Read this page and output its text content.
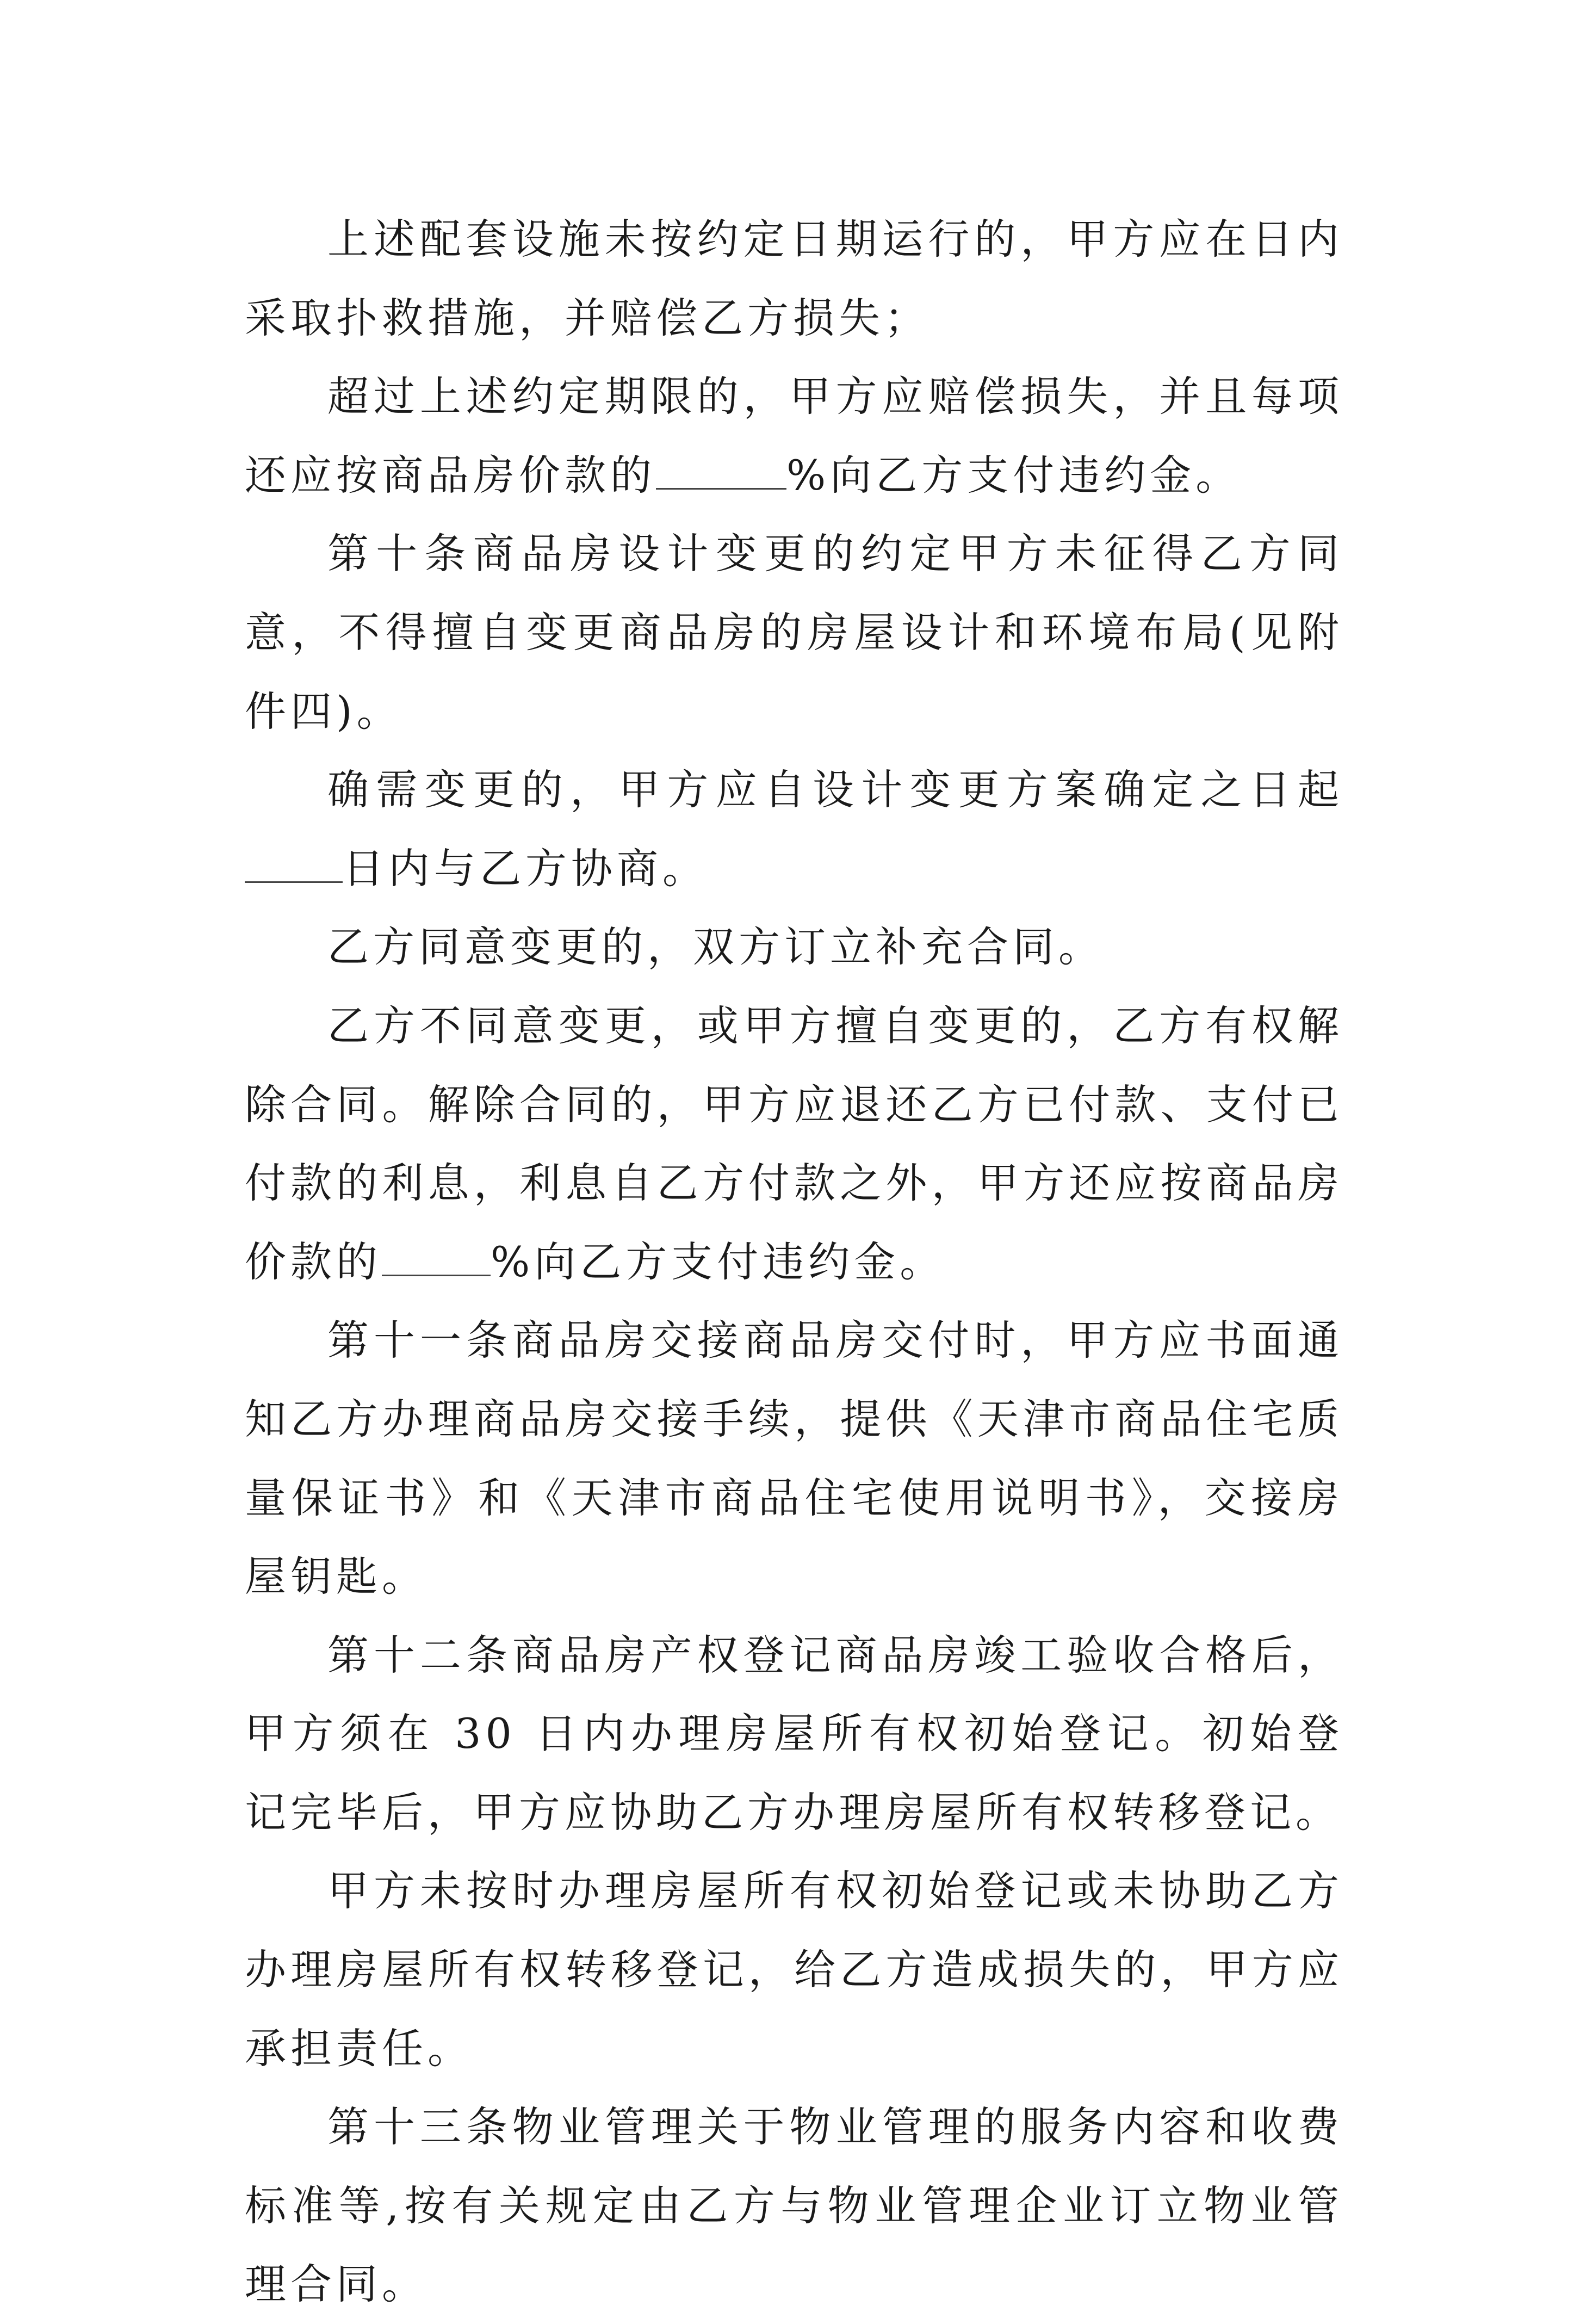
上述配套设施未按约定日期运行的，甲方应在日内采取扑救措施，并赔偿乙方损失；

超过上述约定期限的，甲方应赔偿损失，并且每项还应按商品房价款的	%向乙方支付违约金。

第十条商品房设计变更的约定甲方未征得乙方同意，不得擅自变更商品房的房屋设计和环境布局(见附件四)。

确需变更的，甲方应自设计变更方案确定之日起日内与乙方协商。

乙方同意变更的，双方订立补充合同。

乙方不同意变更，或甲方擅自变更的，乙方有权解除合同。解除合同的，甲方应退还乙方已付款、支付已付款的利息，利息自乙方付款之外，甲方还应按商品房价款的	%向乙方支付违约金。

第十一条商品房交接商品房交付时，甲方应书面通知乙方办理商品房交接手续，提供《天津市商品住宅质量保证书》和《天津市商品住宅使用说明书》，交接房屋钥匙。

第十二条商品房产权登记商品房竣工验收合格后，甲方须在 30 日内办理房屋所有权初始登记。初始登记完毕后，甲方应协助乙方办理房屋所有权转移登记。

甲方未按时办理房屋所有权初始登记或未协助乙方办理房屋所有权转移登记，给乙方造成损失的，甲方应承担责任。

第十三条物业管理关于物业管理的服务内容和收费标准等,按有关规定由乙方与物业管理企业订立物业管理合同。
